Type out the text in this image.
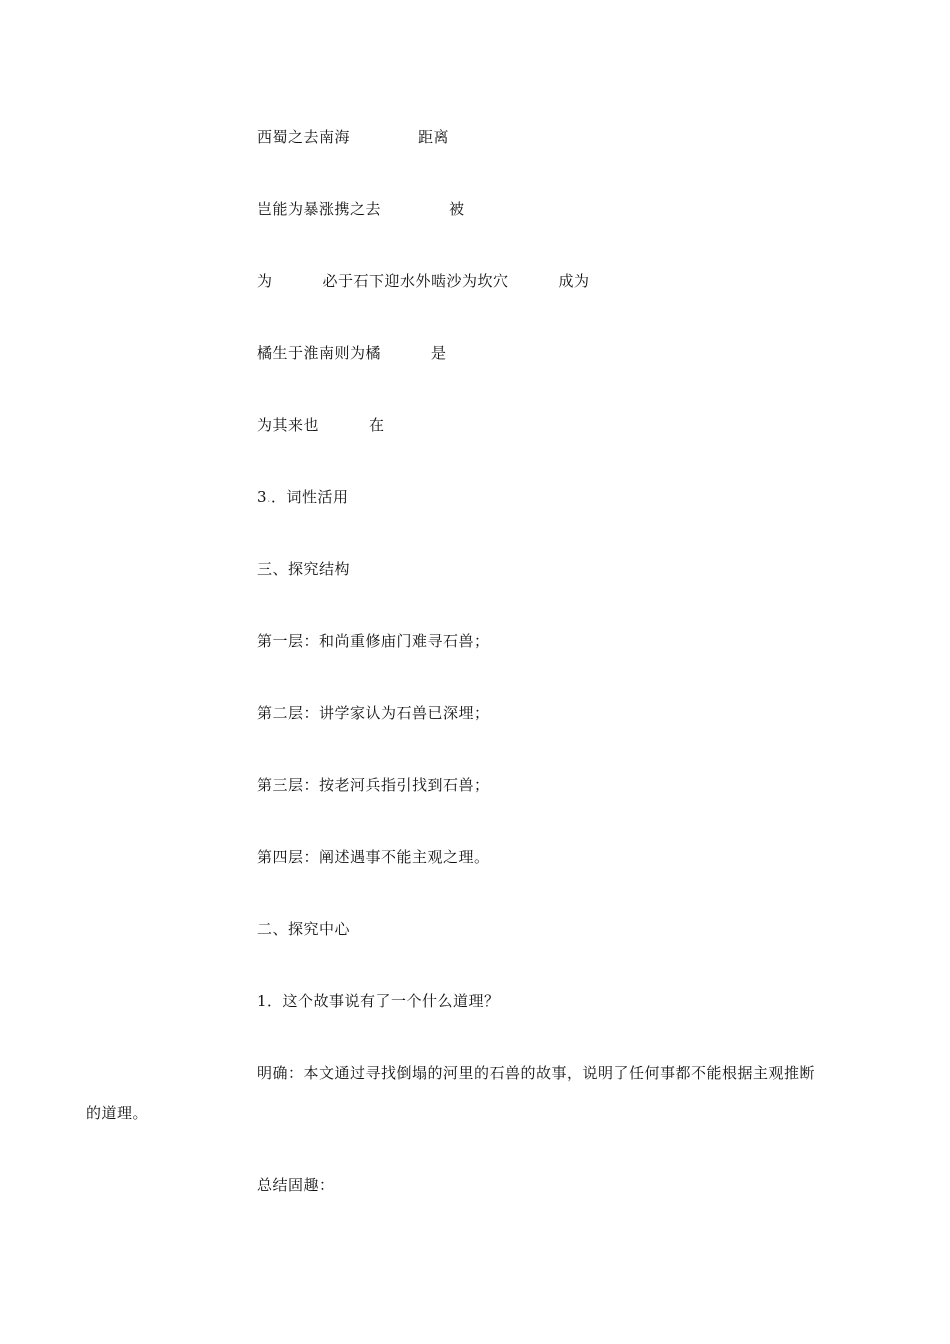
西蜀之去南海	距离
岂能为暴涨携之去	被
为	必于石下迎水外啮沙为坎穴	成为
橘生于淮南则为橘	是
为其来也	在
3.．词性活用
三、探究结构
第一层：和尚重修庙门难寻石兽；
第二层：讲学家认为石兽已深埋；
第三层：按老河兵指引找到石兽；
第四层：阐述遇事不能主观之理。
二、探究中心
1．这个故事说有了一个什么道理？
明确：本文通过寻找倒塌的河里的石兽的故事，说明了任何事都不能根据主观推断
的道理。
总结固趣：
